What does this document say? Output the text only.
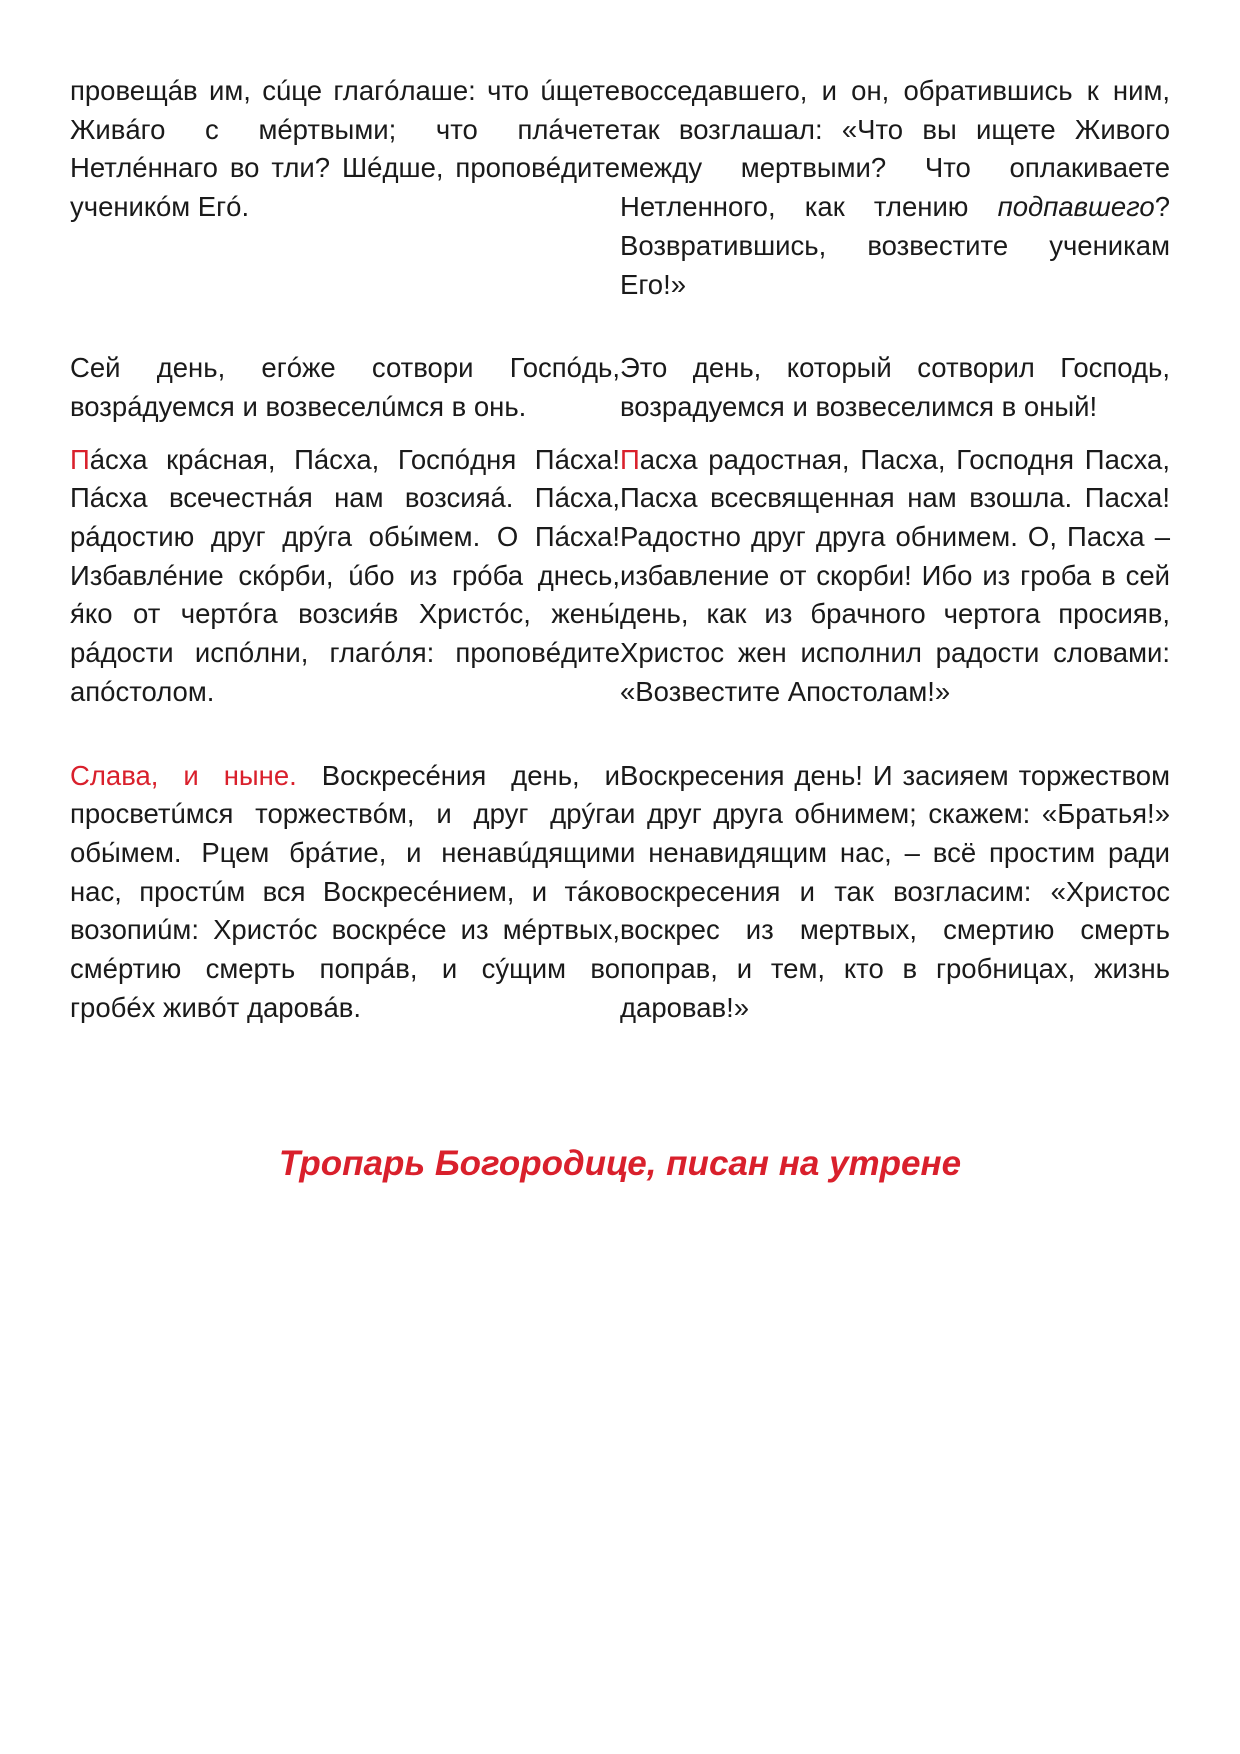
провещáв им, сúце глагóлаше: что úщете Живáго с мéртвыми; что плáчете Нетлéннаго во тли? Шéдше, проповéдите ученикóм Егó.

восседавшего, и он, обратившись к ним, так возглашал: «Что вы ищете Живого между мертвыми? Что оплакиваете Нетленного, как тлению подпавшего? Возвратившись, возвестите ученикам Его!»

Сей день, егóже сотвори Госпóдь, возрáдуемся и возвеселúмся в онь.

Это день, который сотворил Господь, возрадуемся и возвеселимся в оный!

Пáсха крáсная, Пáсха, Госпóдня Пáсха! Пáсха всечестнáя нам возсияá. Пáсха, рáдостию друг дрýга обы́мем. О Пáсха! Избавлéние скóрби, úбо из грóба днесь, я́ко от чертóга возсия́в Христóс, жены́ рáдости испóлни, глагóля: проповéдите апóстолом.

Пасха радостная, Пасха, Господня Пасха, Пасха всесвященная нам взошла. Пасха! Радостно друг друга обнимем. О, Пасха – избавление от скорби! Ибо из гроба в сей день, как из брачного чертога просияв, Христос жен исполнил радости словами: «Возвестите Апостолам!»

Слава, и ныне. Воскресéния день, и просветúмся торжествóм, и друг дрýга обы́мем. Рцем брáтие, и ненавúдящим нас, простúм вся Воскресéнием, и тáко возопиúм: Христóс воскрéсе из мéртвых, смéртию смерть попрáв, и сýщим во гробéх живóт даровáв.

Воскресения день! И засияем торжеством и друг друга обнимем; скажем: «Братья!» и ненавидящим нас, – всё простим ради воскресения и так возгласим: «Христос воскрес из мертвых, смертию смерть поправ, и тем, кто в гробницах, жизнь даровав!»

Тропарь Богородице, писан на утрене
